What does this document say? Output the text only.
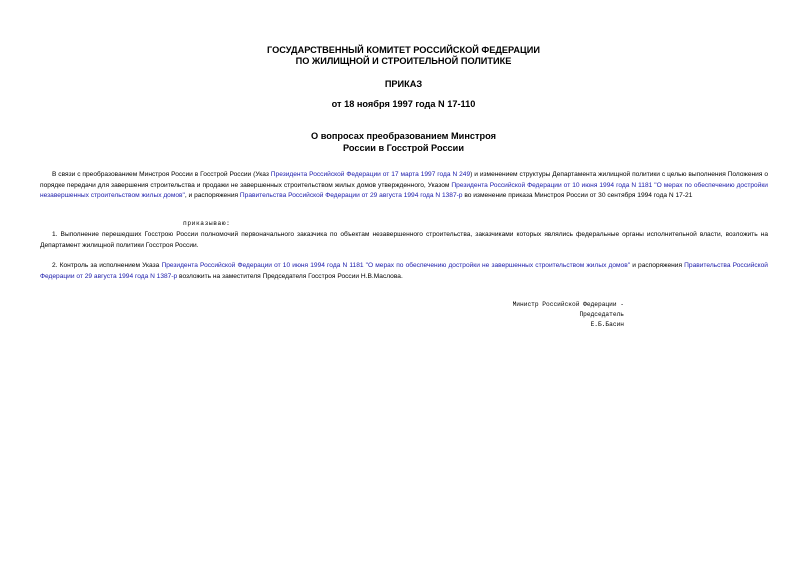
ГОСУДАРСТВЕННЫЙ КОМИТЕТ РОССИЙСКОЙ ФЕДЕРАЦИИ
ПО ЖИЛИЩНОЙ И СТРОИТЕЛЬНОЙ ПОЛИТИКЕ
ПРИКАЗ
от 18 ноября 1997 года N 17-110
О вопросах преобразованием Минстроя
России в Госстрой России
В связи с преобразованием Минстроя России в Госстрой России (Указ Президента Российской Федерации от 17 марта 1997 года N 249) и изменением структуры Департамента жилищной политики с целью выполнения Положения о порядке передачи для завершения строительства и продажи не завершенных строительством жилых домов утвержденного, Указом Президента Российской Федерации от 10 июня 1994 года N 1181 "О мерах по обеспечению достройки незавершенных строительством жилых домов", и распоряжения Правительства Российской Федерации от 29 августа 1994 года N 1387-р во изменение приказа Минстроя России от 30 сентября 1994 года N 17-21
приказываю:
1. Выполнение перешедших Госстрою России полномочий первоначального заказчика по объектам незавершенного строительства, заказчиками которых являлись федеральные органы исполнительной власти, возложить на Департамент жилищной политики Госстроя России.
2. Контроль за исполнением Указа Президента Российской Федерации от 10 июня 1994 года N 1181 "О мерах по обеспечению достройки не завершенных строительством жилых домов" и распоряжения Правительства Российской Федерации от 29 августа 1994 года N 1387-р возложить на заместителя Председателя Госстроя России Н.В.Маслова.
Министр Российской Федерации -
Председатель
Е.Б.Басин
